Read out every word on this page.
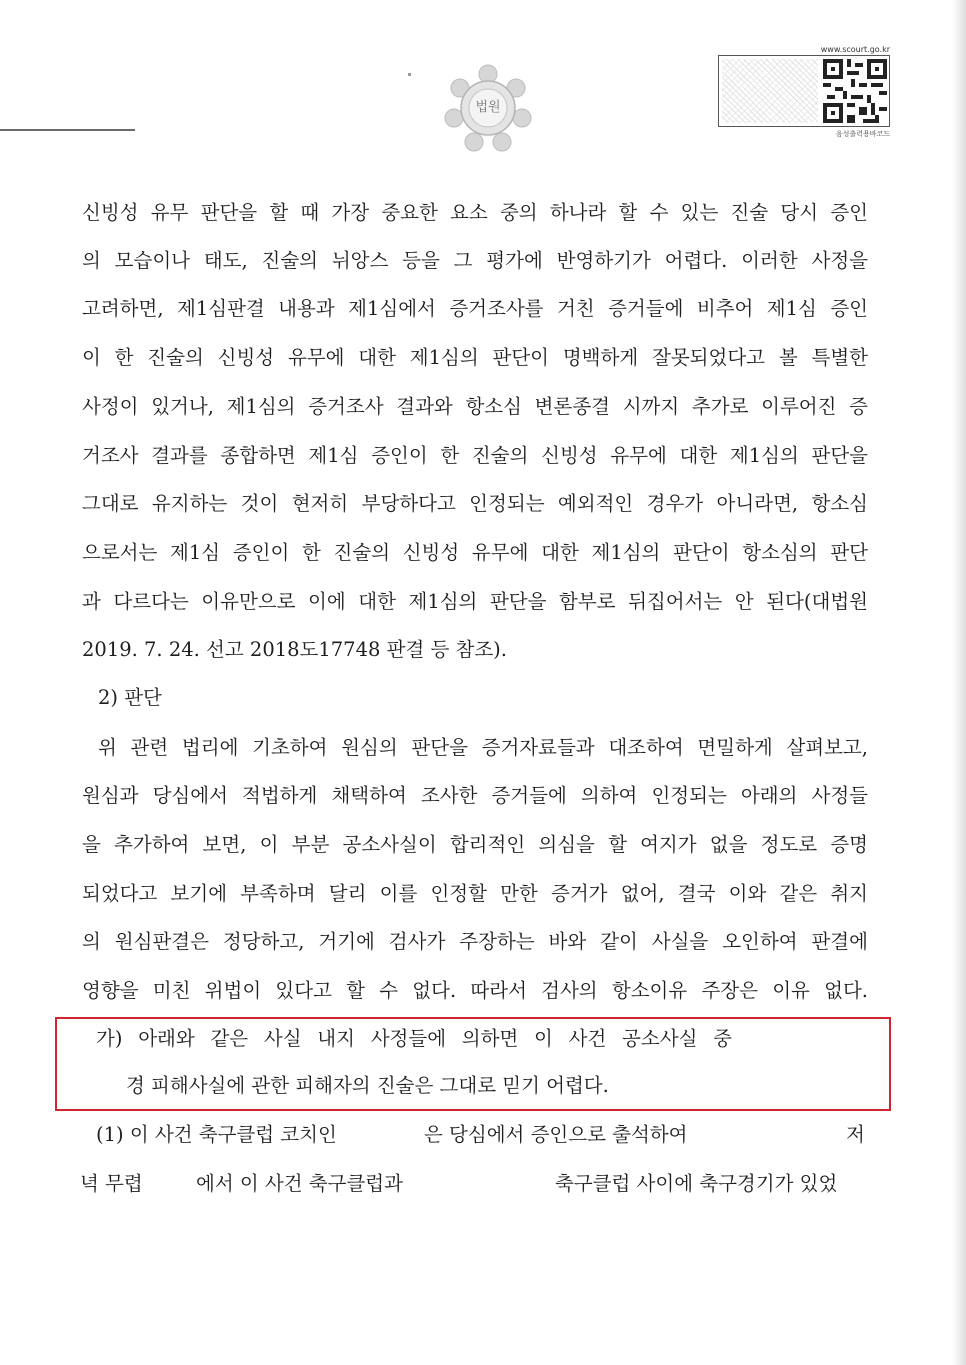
법원
www.scourt.go.kr
음성출력용바코드
신빙성 유무 판단을 할 때 가장 중요한 요소 중의 하나라 할 수 있는 진술 당시 증인
의 모습이나 태도, 진술의 뉘앙스 등을 그 평가에 반영하기가 어렵다. 이러한 사정을
고려하면, 제1심판결 내용과 제1심에서 증거조사를 거친 증거들에 비추어 제1심 증인
이 한 진술의 신빙성 유무에 대한 제1심의 판단이 명백하게 잘못되었다고 볼 특별한
사정이 있거나, 제1심의 증거조사 결과와 항소심 변론종결 시까지 추가로 이루어진 증
거조사 결과를 종합하면 제1심 증인이 한 진술의 신빙성 유무에 대한 제1심의 판단을
그대로 유지하는 것이 현저히 부당하다고 인정되는 예외적인 경우가 아니라면, 항소심
으로서는 제1심 증인이 한 진술의 신빙성 유무에 대한 제1심의 판단이 항소심의 판단
과 다르다는 이유만으로 이에 대한 제1심의 판단을 함부로 뒤집어서는 안 된다(대법원
2019. 7. 24. 선고 2018도17748 판결 등 참조).
2) 판단
위 관련 법리에 기초하여 원심의 판단을 증거자료들과 대조하여 면밀하게 살펴보고,
원심과 당심에서 적법하게 채택하여 조사한 증거들에 의하여 인정되는 아래의 사정들
을 추가하여 보면, 이 부분 공소사실이 합리적인 의심을 할 여지가 없을 정도로 증명
되었다고 보기에 부족하며 달리 이를 인정할 만한 증거가 없어, 결국 이와 같은 취지
의 원심판결은 정당하고, 거기에 검사가 주장하는 바와 같이 사실을 오인하여 판결에
영향을 미친 위법이 있다고 할 수 없다. 따라서 검사의 항소이유 주장은 이유 없다.
가) 아래와 같은 사실 내지 사정들에 의하면 이 사건 공소사실 중
경 피해사실에 관한 피해자의 진술은 그대로 믿기 어렵다.
(1) 이 사건 축구클럽 코치인	은 당심에서 증인으로 출석하여	저
녁 무렵	에서 이 사건 축구클럽과	축구클럽 사이에 축구경기가 있었
